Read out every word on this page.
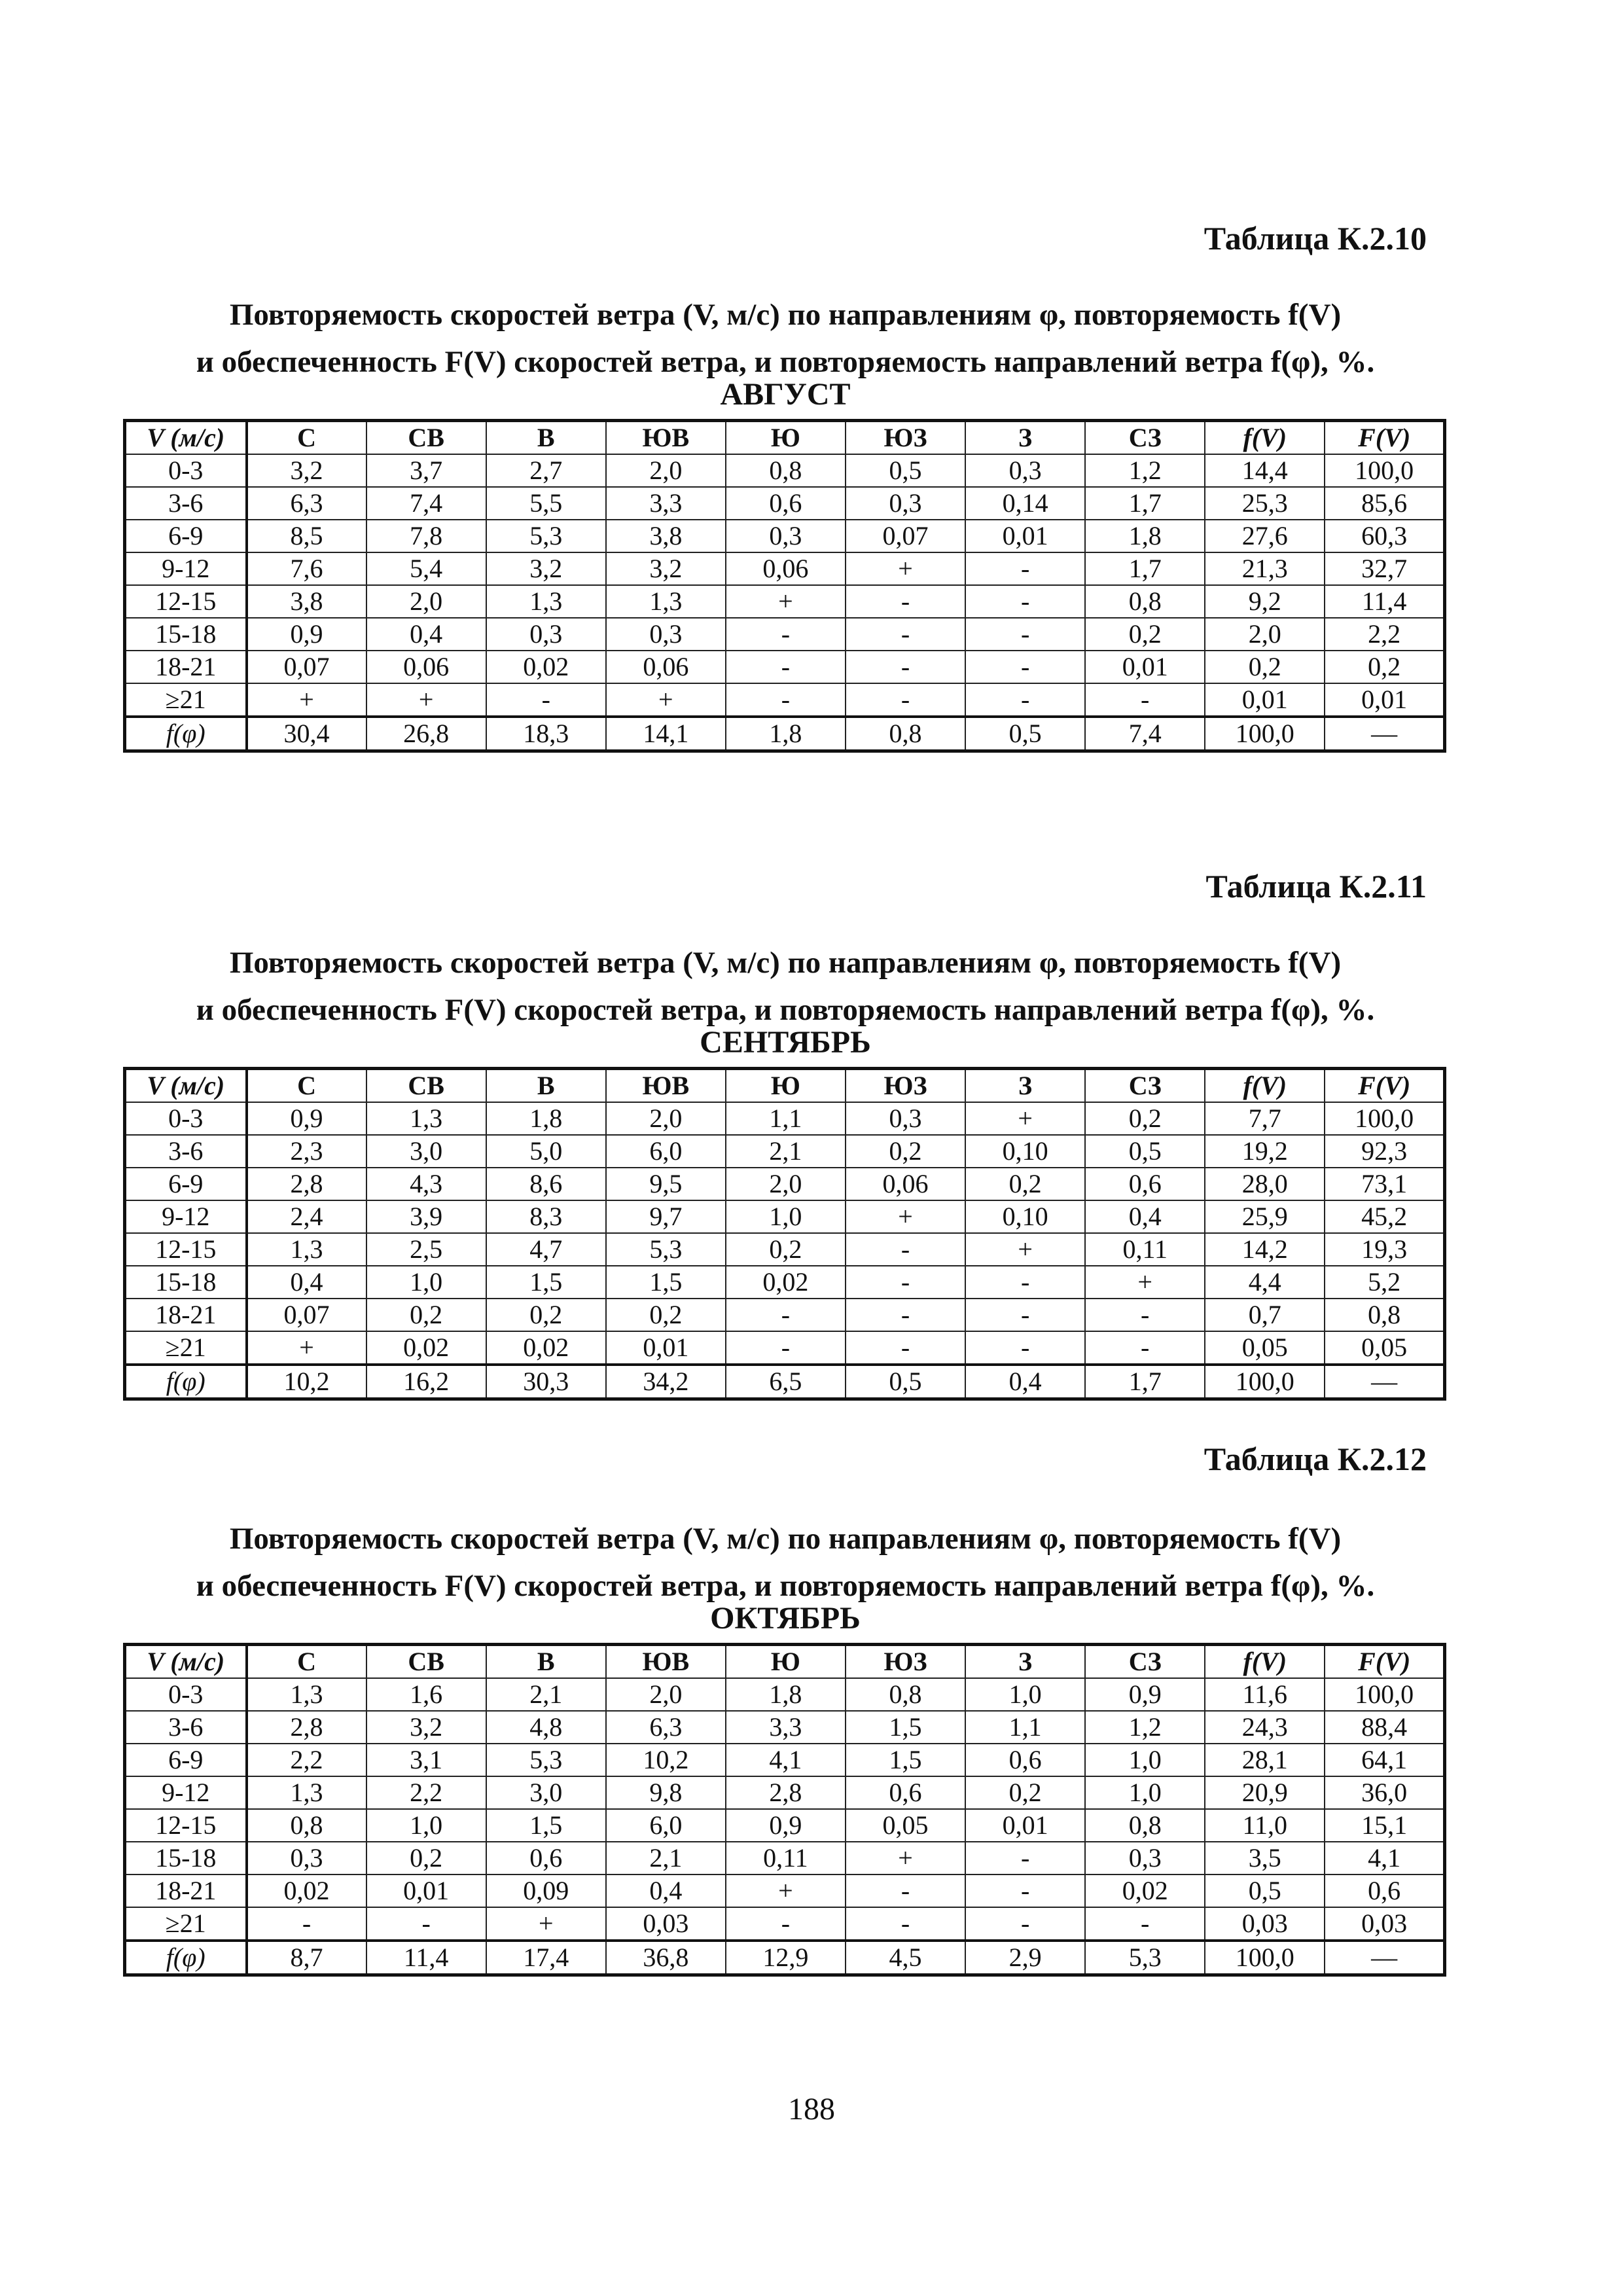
Таблица К.2.10
Повторяемость скоростей ветра (V, м/с) по направлениям φ, повторяемость f(V)
и обеспеченность F(V) скоростей ветра, и повторяемость направлений ветра f(φ), %.
АВГУСТ
V (м/с)	С	СВ	В	ЮВ	Ю	ЮЗ	З	СЗ	f(V)	F(V)
0-3	3,2	3,7	2,7	2,0	0,8	0,5	0,3	1,2	14,4	100,0
3-6	6,3	7,4	5,5	3,3	0,6	0,3	0,14	1,7	25,3	85,6
6-9	8,5	7,8	5,3	3,8	0,3	0,07	0,01	1,8	27,6	60,3
9-12	7,6	5,4	3,2	3,2	0,06	+	-	1,7	21,3	32,7
12-15	3,8	2,0	1,3	1,3	+	-	-	0,8	9,2	11,4
15-18	0,9	0,4	0,3	0,3	-	-	-	0,2	2,0	2,2
18-21	0,07	0,06	0,02	0,06	-	-	-	0,01	0,2	0,2
≥21	+	+	-	+	-	-	-	-	0,01	0,01
f(φ)	30,4	26,8	18,3	14,1	1,8	0,8	0,5	7,4	100,0	—
Таблица К.2.11
Повторяемость скоростей ветра (V, м/с) по направлениям φ, повторяемость f(V)
и обеспеченность F(V) скоростей ветра, и повторяемость направлений ветра f(φ), %.
СЕНТЯБРЬ
V (м/с)	С	СВ	В	ЮВ	Ю	ЮЗ	З	СЗ	f(V)	F(V)
0-3	0,9	1,3	1,8	2,0	1,1	0,3	+	0,2	7,7	100,0
3-6	2,3	3,0	5,0	6,0	2,1	0,2	0,10	0,5	19,2	92,3
6-9	2,8	4,3	8,6	9,5	2,0	0,06	0,2	0,6	28,0	73,1
9-12	2,4	3,9	8,3	9,7	1,0	+	0,10	0,4	25,9	45,2
12-15	1,3	2,5	4,7	5,3	0,2	-	+	0,11	14,2	19,3
15-18	0,4	1,0	1,5	1,5	0,02	-	-	+	4,4	5,2
18-21	0,07	0,2	0,2	0,2	-	-	-	-	0,7	0,8
≥21	+	0,02	0,02	0,01	-	-	-	-	0,05	0,05
f(φ)	10,2	16,2	30,3	34,2	6,5	0,5	0,4	1,7	100,0	—
Таблица К.2.12
Повторяемость скоростей ветра (V, м/с) по направлениям φ, повторяемость f(V)
и обеспеченность F(V) скоростей ветра, и повторяемость направлений ветра f(φ), %.
ОКТЯБРЬ
V (м/с)	С	СВ	В	ЮВ	Ю	ЮЗ	З	СЗ	f(V)	F(V)
0-3	1,3	1,6	2,1	2,0	1,8	0,8	1,0	0,9	11,6	100,0
3-6	2,8	3,2	4,8	6,3	3,3	1,5	1,1	1,2	24,3	88,4
6-9	2,2	3,1	5,3	10,2	4,1	1,5	0,6	1,0	28,1	64,1
9-12	1,3	2,2	3,0	9,8	2,8	0,6	0,2	1,0	20,9	36,0
12-15	0,8	1,0	1,5	6,0	0,9	0,05	0,01	0,8	11,0	15,1
15-18	0,3	0,2	0,6	2,1	0,11	+	-	0,3	3,5	4,1
18-21	0,02	0,01	0,09	0,4	+	-	-	0,02	0,5	0,6
≥21	-	-	+	0,03	-	-	-	-	0,03	0,03
f(φ)	8,7	11,4	17,4	36,8	12,9	4,5	2,9	5,3	100,0	—
188
